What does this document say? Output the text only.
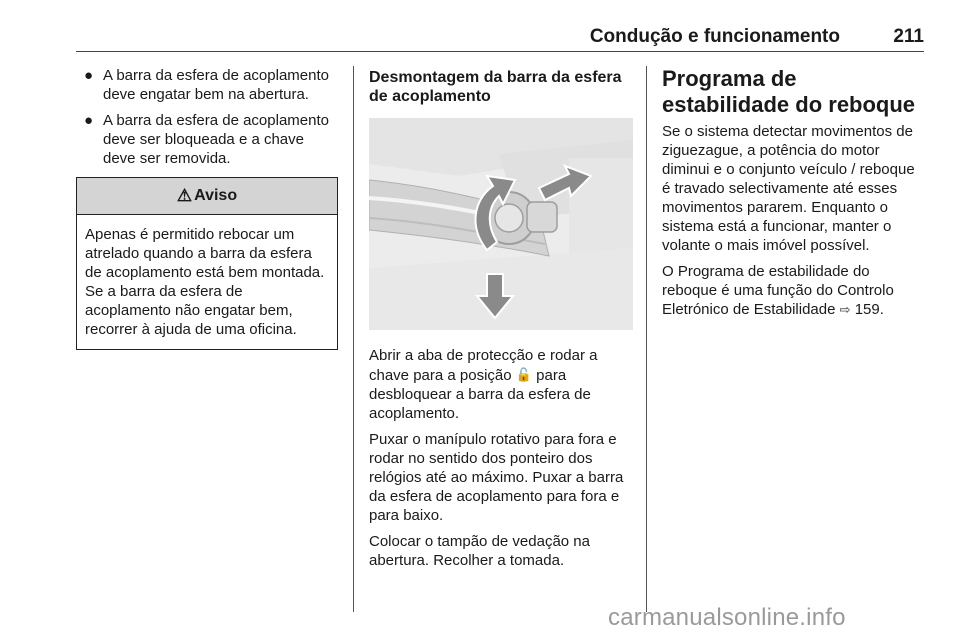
Condução e funcionamento	211
● A barra da esfera de acoplamento deve engatar bem na abertura.
● A barra da esfera de acoplamento deve ser bloqueada e a chave deve ser removida.
⚠ Aviso
Apenas é permitido rebocar um atrelado quando a barra da esfera de acoplamento está bem montada. Se a barra da esfera de acoplamento não engatar bem, recorrer à ajuda de uma oficina.
Desmontagem da barra da esfera de acoplamento

Abrir a aba de protecção e rodar a chave para a posição 🔓 para desbloquear a barra da esfera de acoplamento.

Puxar o manípulo rotativo para fora e rodar no sentido dos ponteiro dos relógios até ao máximo. Puxar a barra da esfera de acoplamento para fora e para baixo.

Colocar o tampão de vedação na abertura. Recolher a tomada.

Programa de estabilidade do reboque

Se o sistema detectar movimentos de ziguezague, a potência do motor diminui e o conjunto veículo / reboque é travado selectivamente até esses movimentos pararem. Enquanto o sistema está a funcionar, manter o volante o mais imóvel possível.

O Programa de estabilidade do reboque é uma função do Controlo Eletrónico de Estabilidade ⇨ 159.

carmanualsonline.info
